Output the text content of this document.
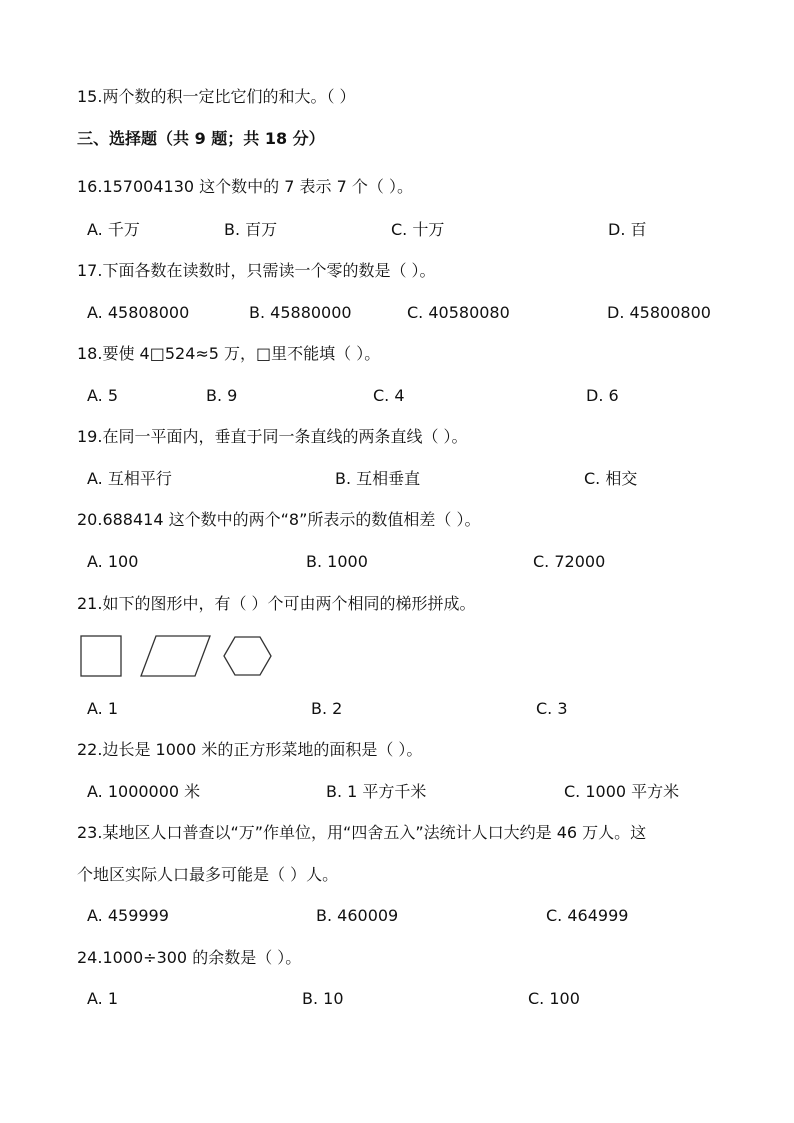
15.两个数的积一定比它们的和大。（ ）
三、选择题（共 9 题；共 18 分）
16.157004130 这个数中的 7 表示 7 个（ ）。
A. 千万	B. 百万	C. 十万	D. 百
17.下面各数在读数时，只需读一个零的数是（ ）。
A. 45808000	B. 45880000	C. 40580080	D. 45800800
18.要使 4□524≈5 万，□里不能填（ ）。
A. 5	B. 9	C. 4	D. 6
19.在同一平面内，垂直于同一条直线的两条直线（ ）。
A. 互相平行	B. 互相垂直	C. 相交
20.688414 这个数中的两个“8”所表示的数值相差（ ）。
A. 100	B. 1000	C. 72000
21.如下的图形中，有（ ）个可由两个相同的梯形拼成。
A. 1	B. 2	C. 3
22.边长是 1000 米的正方形菜地的面积是（ ）。
A. 1000000 米	B. 1 平方千米	C. 1000 平方米
23.某地区人口普查以“万”作单位，用“四舍五入”法统计人口大约是 46 万人。这
个地区实际人口最多可能是（ ）人。
A. 459999	B. 460009	C. 464999
24.1000÷300 的余数是（ ）。
A. 1	B. 10	C. 100
